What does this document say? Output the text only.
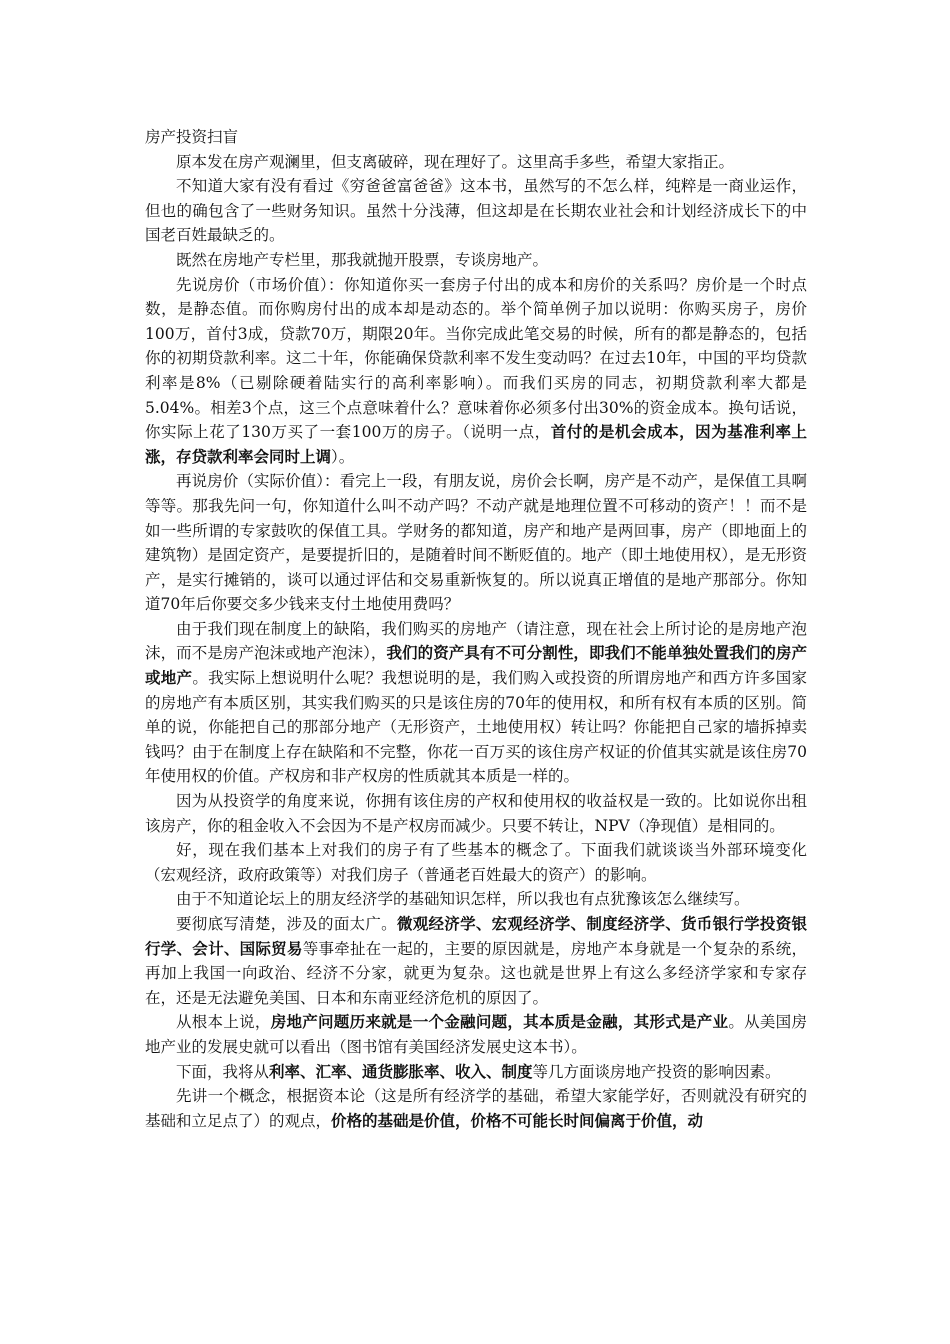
房产投资扫盲

原本发在房产观澜里，但支离破碎，现在理好了。这里高手多些，希望大家指正。

不知道大家有没有看过《穷爸爸富爸爸》这本书，虽然写的不怎么样，纯粹是一商业运作，但也的确包含了一些财务知识。虽然十分浅薄，但这却是在长期农业社会和计划经济成长下的中国老百姓最缺乏的。

既然在房地产专栏里，那我就抛开股票，专谈房地产。

先说房价（市场价值）：你知道你买一套房子付出的成本和房价的关系吗？房价是一个时点数，是静态值。而你购房付出的成本却是动态的。举个简单例子加以说明：你购买房子，房价100万，首付3成，贷款70万，期限20年。当你完成此笔交易的时候，所有的都是静态的，包括你的初期贷款利率。这二十年，你能确保贷款利率不发生变动吗？在过去10年，中国的平均贷款利率是8%（已剔除硬着陆实行的高利率影响）。而我们买房的同志，初期贷款利率大都是5.04%。相差3个点，这三个点意味着什么？意味着你必须多付出30%的资金成本。换句话说，你实际上花了130万买了一套100万的房子。（说明一点，首付的是机会成本，因为基准利率上涨，存贷款利率会同时上调）。

再说房价（实际价值）：看完上一段，有朋友说，房价会长啊，房产是不动产，是保值工具啊等等。那我先问一句，你知道什么叫不动产吗？不动产就是地理位置不可移动的资产！！而不是如一些所谓的专家鼓吹的保值工具。学财务的都知道，房产和地产是两回事，房产（即地面上的建筑物）是固定资产，是要提折旧的，是随着时间不断贬值的。地产（即土地使用权），是无形资产，是实行摊销的，谈可以通过评估和交易重新恢复的。所以说真正增值的是地产那部分。你知道70年后你要交多少钱来支付土地使用费吗？

由于我们现在制度上的缺陷，我们购买的房地产（请注意，现在社会上所讨论的是房地产泡沫，而不是房产泡沫或地产泡沫），我们的资产具有不可分割性，即我们不能单独处置我们的房产或地产。我实际上想说明什么呢？我想说明的是，我们购入或投资的所谓房地产和西方许多国家的房地产有本质区别，其实我们购买的只是该住房的70年的使用权，和所有权有本质的区别。简单的说，你能把自己的那部分地产（无形资产，土地使用权）转让吗？你能把自己家的墙拆掉卖钱吗？由于在制度上存在缺陷和不完整，你花一百万买的该住房产权证的价值其实就是该住房70年使用权的价值。产权房和非产权房的性质就其本质是一样的。

因为从投资学的角度来说，你拥有该住房的产权和使用权的收益权是一致的。比如说你出租该房产，你的租金收入不会因为不是产权房而减少。只要不转让，NPV（净现值）是相同的。

好，现在我们基本上对我们的房子有了些基本的概念了。下面我们就谈谈当外部环境变化（宏观经济，政府政策等）对我们房子（普通老百姓最大的资产）的影响。

由于不知道论坛上的朋友经济学的基础知识怎样，所以我也有点犹豫该怎么继续写。

要彻底写清楚，涉及的面太广。微观经济学、宏观经济学、制度经济学、货币银行学投资银行学、会计、国际贸易等事牵扯在一起的，主要的原因就是，房地产本身就是一个复杂的系统，再加上我国一向政治、经济不分家，就更为复杂。这也就是世界上有这么多经济学家和专家存在，还是无法避免美国、日本和东南亚经济危机的原因了。

从根本上说，房地产问题历来就是一个金融问题，其本质是金融，其形式是产业。从美国房地产业的发展史就可以看出（图书馆有美国经济发展史这本书）。

下面，我将从利率、汇率、通货膨胀率、收入、制度等几方面谈房地产投资的影响因素。

先讲一个概念，根据资本论（这是所有经济学的基础，希望大家能学好，否则就没有研究的基础和立足点了）的观点，价格的基础是价值，价格不可能长时间偏离于价值，动
